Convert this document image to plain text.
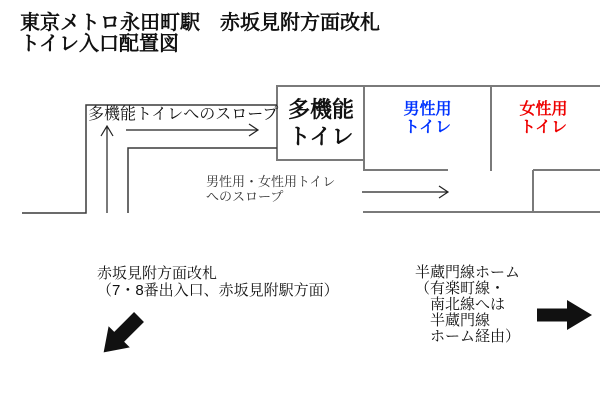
東京メトロ永田町駅　赤坂見附方面改札
トイレ入口配置図
多機能トイレへのスロープ 多機能
トイレ
男性用
トイレ
女性用
トイレ
男性用・女性用トイレ
へのスロープ
赤坂見附方面改札
（7・8番出入口、赤坂見附駅方面）
半蔵門線ホーム
（有楽町線・
　南北線へは
　半蔵門線
　ホーム経由）
